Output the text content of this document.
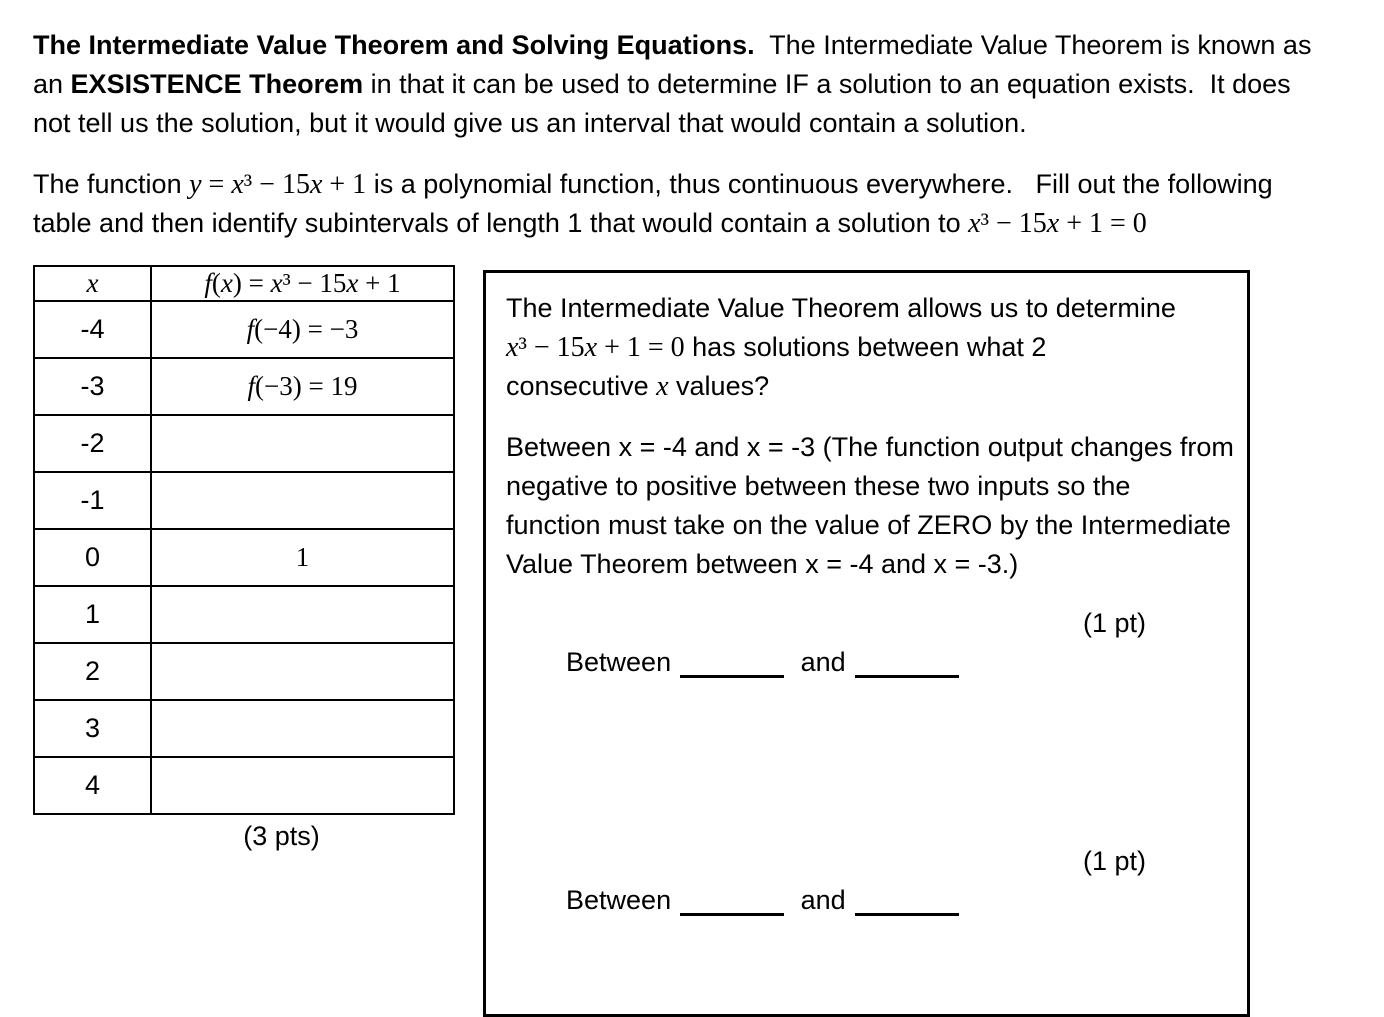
The Intermediate Value Theorem and Solving Equations.  The Intermediate Value Theorem is known as
an EXSISTENCE Theorem in that it can be used to determine IF a solution to an equation exists.  It does
not tell us the solution, but it would give us an interval that would contain a solution.
The function y = x³ − 15x + 1 is a polynomial function, thus continuous everywhere.   Fill out the following
table and then identify subintervals of length 1 that would contain a solution to x³ − 15x + 1 = 0
x	f(x) = x³ − 15x + 1
-4	f(−4) = −3
-3	f(−3) = 19
-2	
-1	
0	1
1	
2	
3	
4	
(3 pts)
The Intermediate Value Theorem allows us to determine
x³ − 15x + 1 = 0 has solutions between what 2
consecutive x values?
Between x = -4 and x = -3 (The function output changes from
negative to positive between these two inputs so the
function must take on the value of ZERO by the Intermediate
Value Theorem between x = -4 and x = -3.)

Between	and

(1 pt)

Between	and

(1 pt)
